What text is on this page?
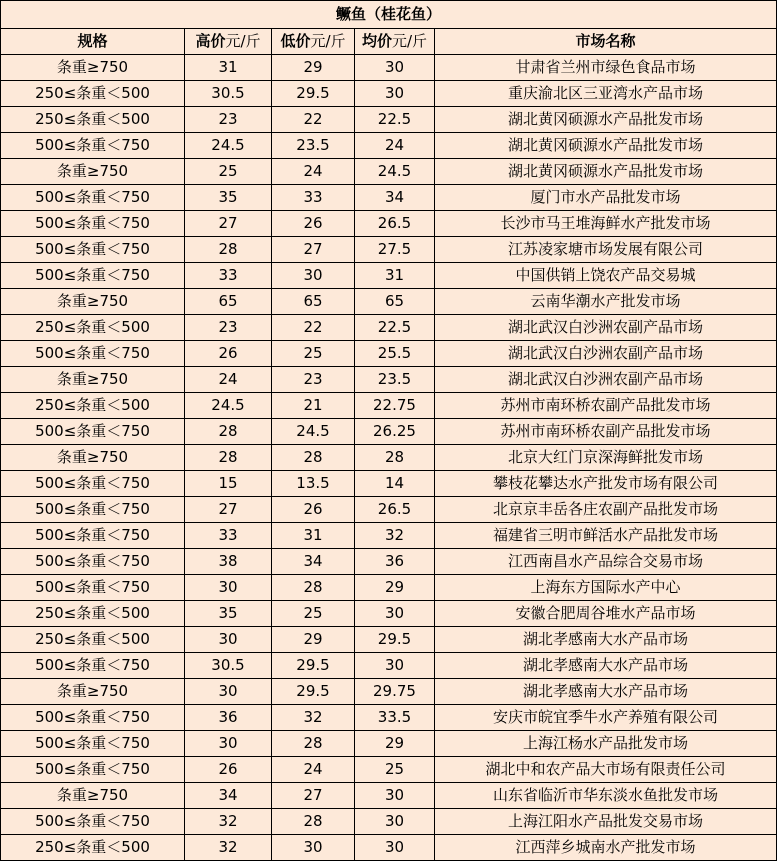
鳜鱼（桂花鱼）				
规格	高价元/斤	低价元/斤	均价元/斤	市场名称
条重≥750	31	29	30	甘肃省兰州市绿色食品市场
250≤条重＜500	30.5	29.5	30	重庆渝北区三亚湾水产品市场
250≤条重＜500	23	22	22.5	湖北黄冈硕源水产品批发市场
500≤条重＜750	24.5	23.5	24	湖北黄冈硕源水产品批发市场
条重≥750	25	24	24.5	湖北黄冈硕源水产品批发市场
500≤条重＜750	35	33	34	厦门市水产品批发市场
500≤条重＜750	27	26	26.5	长沙市马王堆海鲜水产批发市场
500≤条重＜750	28	27	27.5	江苏凌家塘市场发展有限公司
500≤条重＜750	33	30	31	中国供销上饶农产品交易城
条重≥750	65	65	65	云南华潮水产批发市场
250≤条重＜500	23	22	22.5	湖北武汉白沙洲农副产品市场
500≤条重＜750	26	25	25.5	湖北武汉白沙洲农副产品市场
条重≥750	24	23	23.5	湖北武汉白沙洲农副产品市场
250≤条重＜500	24.5	21	22.75	苏州市南环桥农副产品批发市场
500≤条重＜750	28	24.5	26.25	苏州市南环桥农副产品批发市场
条重≥750	28	28	28	北京大红门京深海鲜批发市场
500≤条重＜750	15	13.5	14	攀枝花攀达水产批发市场有限公司
500≤条重＜750	27	26	26.5	北京京丰岳各庄农副产品批发市场
500≤条重＜750	33	31	32	福建省三明市鲜活水产品批发市场
500≤条重＜750	38	34	36	江西南昌水产品综合交易市场
500≤条重＜750	30	28	29	上海东方国际水产中心
250≤条重＜500	35	25	30	安徽合肥周谷堆水产品市场
250≤条重＜500	30	29	29.5	湖北孝感南大水产品市场
500≤条重＜750	30.5	29.5	30	湖北孝感南大水产品市场
条重≥750	30	29.5	29.75	湖北孝感南大水产品市场
500≤条重＜750	36	32	33.5	安庆市皖宜季牛水产养殖有限公司
500≤条重＜750	30	28	29	上海江杨水产品批发市场
500≤条重＜750	26	24	25	湖北中和农产品大市场有限责任公司
条重≥750	34	27	30	山东省临沂市华东淡水鱼批发市场
500≤条重＜750	32	28	30	上海江阳水产品批发交易市场
250≤条重＜500	32	30	30	江西萍乡城南水产批发市场
